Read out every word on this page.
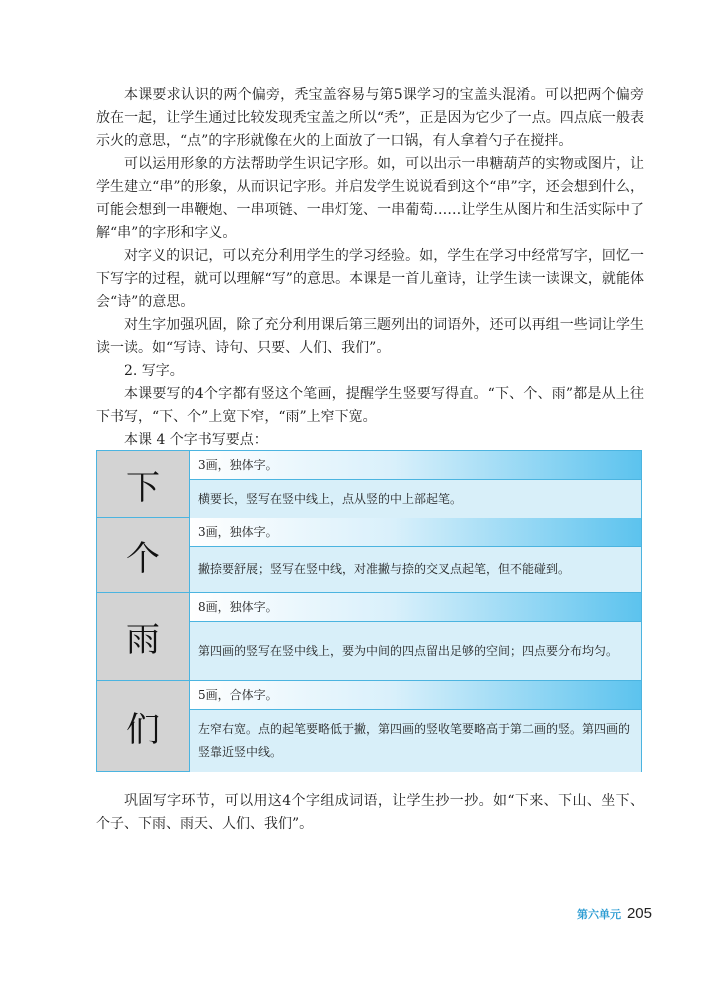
本课要求认识的两个偏旁，秃宝盖容易与第5课学习的宝盖头混淆。可以把两个偏旁放在一起，让学生通过比较发现秃宝盖之所以“秃”，正是因为它少了一点。四点底一般表示火的意思，“点”的字形就像在火的上面放了一口锅，有人拿着勺子在搅拌。

可以运用形象的方法帮助学生识记字形。如，可以出示一串糖葫芦的实物或图片，让学生建立“串”的形象，从而识记字形。并启发学生说说看到这个“串”字，还会想到什么，可能会想到一串鞭炮、一串项链、一串灯笼、一串葡萄……让学生从图片和生活实际中了解“串”的字形和字义。

对字义的识记，可以充分利用学生的学习经验。如，学生在学习中经常写字，回忆一下写字的过程，就可以理解“写”的意思。本课是一首儿童诗，让学生读一读课文，就能体会“诗”的意思。

对生字加强巩固，除了充分利用课后第三题列出的词语外，还可以再组一些词让学生读一读。如“写诗、诗句、只要、人们、我们”。

2. 写字。

本课要写的4个字都有竖这个笔画，提醒学生竖要写得直。“下、个、雨”都是从上往下书写，“下、个”上宽下窄，“雨”上窄下宽。

本课 4 个字书写要点：

下
3画，独体字。
横要长，竖写在竖中线上，点从竖的中上部起笔。
个
3画，独体字。
撇捺要舒展；竖写在竖中线，对准撇与捺的交叉点起笔，但不能碰到。
雨
8画，独体字。
第四画的竖写在竖中线上，要为中间的四点留出足够的空间；四点要分布均匀。
们
5画，合体字。
左窄右宽。点的起笔要略低于撇，第四画的竖收笔要略高于第二画的竖。第四画的竖靠近竖中线。

巩固写字环节，可以用这4个字组成词语，让学生抄一抄。如“下来、下山、坐下、个子、下雨、雨天、人们、我们”。

第六单元 205
